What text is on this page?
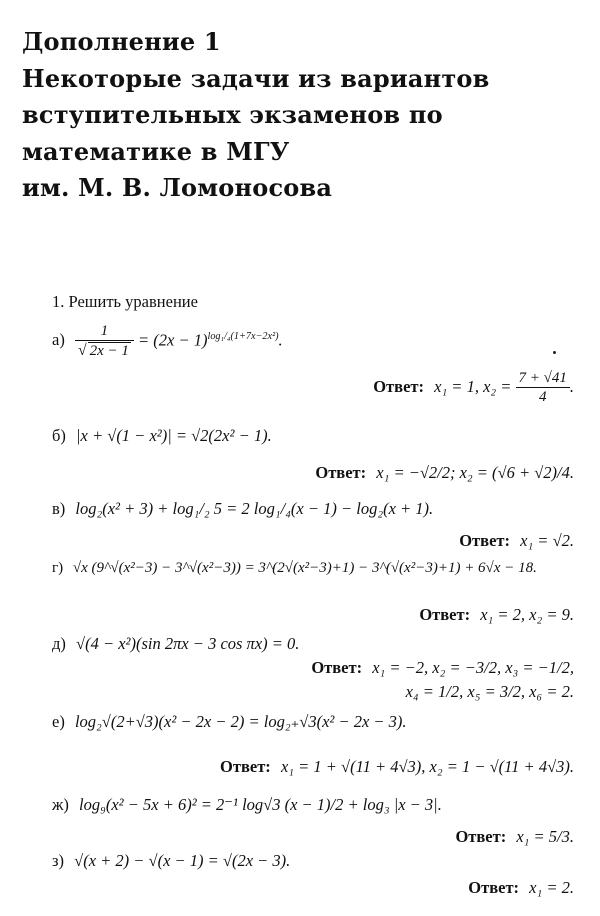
Дополнение 1
Некоторые задачи из вариантов
вступительных экзаменов по
математике в МГУ
им. М. В. Ломоносова
1. Решить уравнение
$а) \frac{1}{√ 2x - 1} = (2x - 1)^{log_1/_4(1+7x-2x^2)}$.
Ответ: x₁ = 1, $x_2 = \frac{7 + √41}{4}$ .
б) |x + √(1 − x²)| = √2(2x² − 1).
Ответ: x₁ = −√2/2; x₂ = (√6 + √2)/4.
в) log₂(x² + 3) + log₁/₂ 5 = 2 log₁/₄(x − 1) − log₂(x + 1).
Ответ: x₁ = √2.
г) √x (9^√(x²−3) − 3^√(x²−3)) = 3^(2√(x²−3)+1) − 3^(√(x²−3)+1) + 6√x − 18.
Ответ: x₁ = 2, x₂ = 9.
д) √(4 − x²)(sin 2πx − 3 cos πx) = 0.
Ответ: x₁ = −2, x₂ = −3/2, x₃ = −1/2,
x₄ = 1/2, x₅ = 3/2, x₆ = 2.
е) log₂√(2+√3)(x² − 2x − 2) = log₂₊√3(x² − 2x − 3).
Ответ: x₁ = 1 + √(11 + 4√3), x₂ = 1 − √(11 + 4√3).
ж) log₉(x² − 5x + 6)² = 2⁻¹ log√3 (x − 1)/2 + log₃ |x − 3|.
Ответ: x₁ = 5/3.
з) √(x + 2) − √(x − 1) = √(2x − 3).
Ответ: x₁ = 2.
